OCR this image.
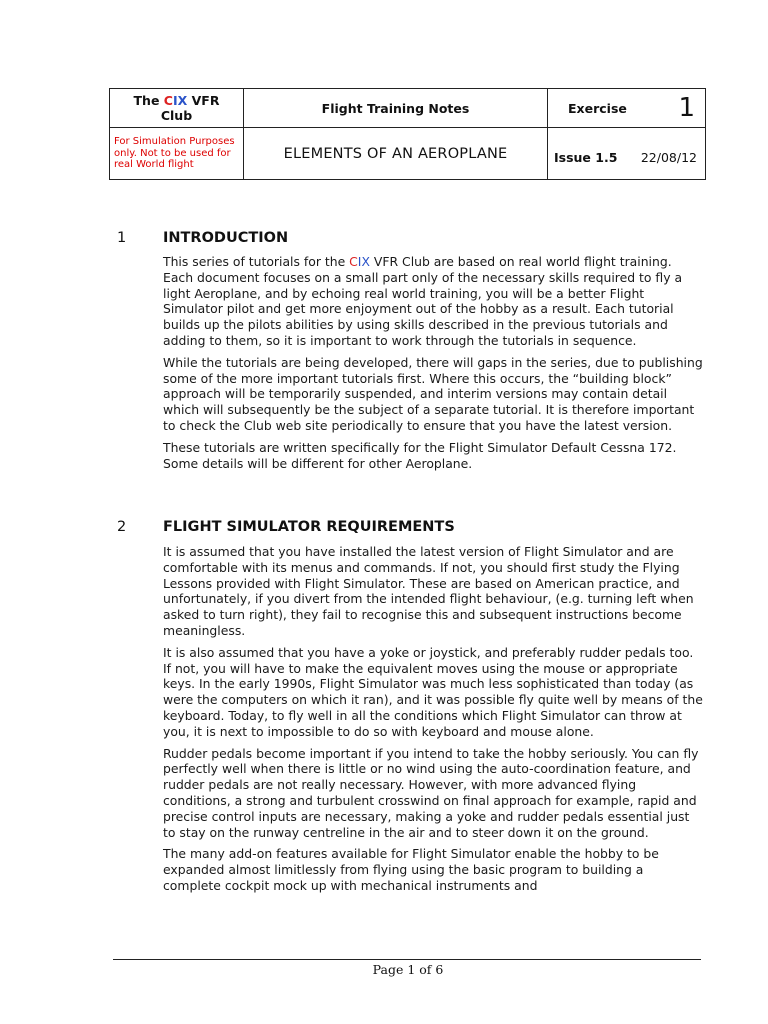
The CIX VFR Club	Flight Training Notes	Exercise 1

For Simulation Purposes only. Not to be used for real World flight	ELEMENTS OF AN AEROPLANE	Issue 1.5 22/08/12
1	INTRODUCTION

This series of tutorials for the CIX VFR Club are based on real world flight training. Each document focuses on a small part only of the necessary skills required to fly a light Aeroplane, and by echoing real world training, you will be a better Flight Simulator pilot and get more enjoyment out of the hobby as a result. Each tutorial builds up the pilots abilities by using skills described in the previous tutorials and adding to them, so it is important to work through the tutorials in sequence.

While the tutorials are being developed, there will gaps in the series, due to publishing some of the more important tutorials first. Where this occurs, the “building block” approach will be temporarily suspended, and interim versions may contain detail which will subsequently be the subject of a separate tutorial. It is therefore important to check the Club web site periodically to ensure that you have the latest version.

These tutorials are written specifically for the Flight Simulator Default Cessna 172. Some details will be different for other Aeroplane.

2	FLIGHT SIMULATOR REQUIREMENTS

It is assumed that you have installed the latest version of Flight Simulator and are comfortable with its menus and commands. If not, you should first study the Flying Lessons provided with Flight Simulator. These are based on American practice, and unfortunately, if you divert from the intended flight behaviour, (e.g. turning left when asked to turn right), they fail to recognise this and subsequent instructions become meaningless.

It is also assumed that you have a yoke or joystick, and preferably rudder pedals too. If not, you will have to make the equivalent moves using the mouse or appropriate keys. In the early 1990s, Flight Simulator was much less sophisticated than today (as were the computers on which it ran), and it was possible fly quite well by means of the keyboard. Today, to fly well in all the conditions which Flight Simulator can throw at you, it is next to impossible to do so with keyboard and mouse alone.

Rudder pedals become important if you intend to take the hobby seriously. You can fly perfectly well when there is little or no wind using the auto-coordination feature, and rudder pedals are not really necessary. However, with more advanced flying conditions, a strong and turbulent crosswind on final approach for example, rapid and precise control inputs are necessary, making a yoke and rudder pedals essential just to stay on the runway centreline in the air and to steer down it on the ground.

The many add-on features available for Flight Simulator enable the hobby to be expanded almost limitlessly from flying using the basic program to building a complete cockpit mock up with mechanical instruments and

Page 1 of 6
